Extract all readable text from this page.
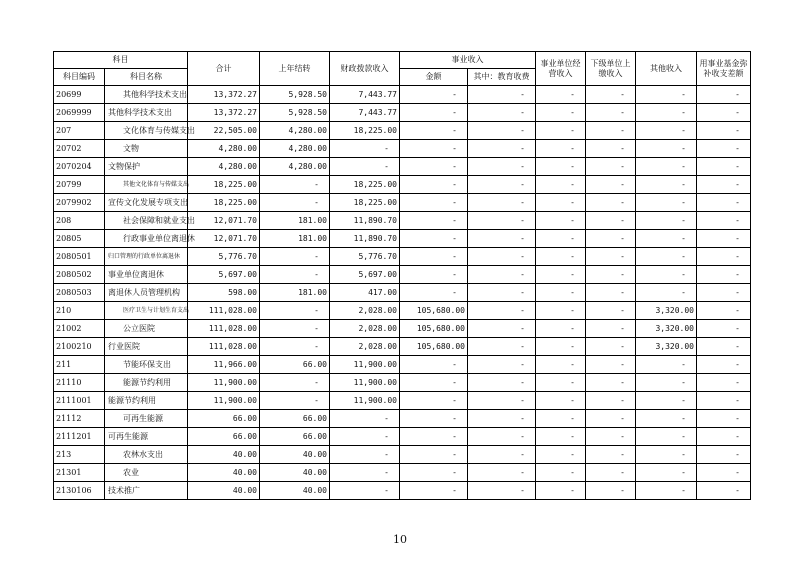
科目		合计	上年结转	财政拨款收入	事业收入		事业单位经营收入	下级单位上缴收入	其他收入	用事业基金弥补收支差额
科目编码	科目名称				金额	其中：教育收费				
20699	其他科学技术支出	13,372.27	5,928.50	7,443.77	-	-	-	-	-	-
2069999	其他科学技术支出	13,372.27	5,928.50	7,443.77	-	-	-	-	-	-
207	文化体育与传媒支出	22,505.00	4,280.00	18,225.00	-	-	-	-	-	-
20702	文物	4,280.00	4,280.00	-	-	-	-	-	-	-
2070204	文物保护	4,280.00	4,280.00	-	-	-	-	-	-	-
20799	其他文化体育与传媒支出	18,225.00	-	18,225.00	-	-	-	-	-	-
2079902	宣传文化发展专项支出	18,225.00	-	18,225.00	-	-	-	-	-	-
208	社会保障和就业支出	12,071.70	181.00	11,890.70	-	-	-	-	-	-
20805	行政事业单位离退休	12,071.70	181.00	11,890.70	-	-	-	-	-	-
2080501	归口管理的行政单位离退休	5,776.70	-	5,776.70	-	-	-	-	-	-
2080502	事业单位离退休	5,697.00	-	5,697.00	-	-	-	-	-	-
2080503	离退休人员管理机构	598.00	181.00	417.00	-	-	-	-	-	-
210	医疗卫生与计划生育支出	111,028.00	-	2,028.00	105,680.00	-	-	-	3,320.00	-
21002	公立医院	111,028.00	-	2,028.00	105,680.00	-	-	-	3,320.00	-
2100210	行业医院	111,028.00	-	2,028.00	105,680.00	-	-	-	3,320.00	-
211	节能环保支出	11,966.00	66.00	11,900.00	-	-	-	-	-	-
21110	能源节约利用	11,900.00	-	11,900.00	-	-	-	-	-	-
2111001	能源节约利用	11,900.00	-	11,900.00	-	-	-	-	-	-
21112	可再生能源	66.00	66.00	-	-	-	-	-	-	-
2111201	可再生能源	66.00	66.00	-	-	-	-	-	-	-
213	农林水支出	40.00	40.00	-	-	-	-	-	-	-
21301	农业	40.00	40.00	-	-	-	-	-	-	-
2130106	技术推广	40.00	40.00	-	-	-	-	-	-	-
10
